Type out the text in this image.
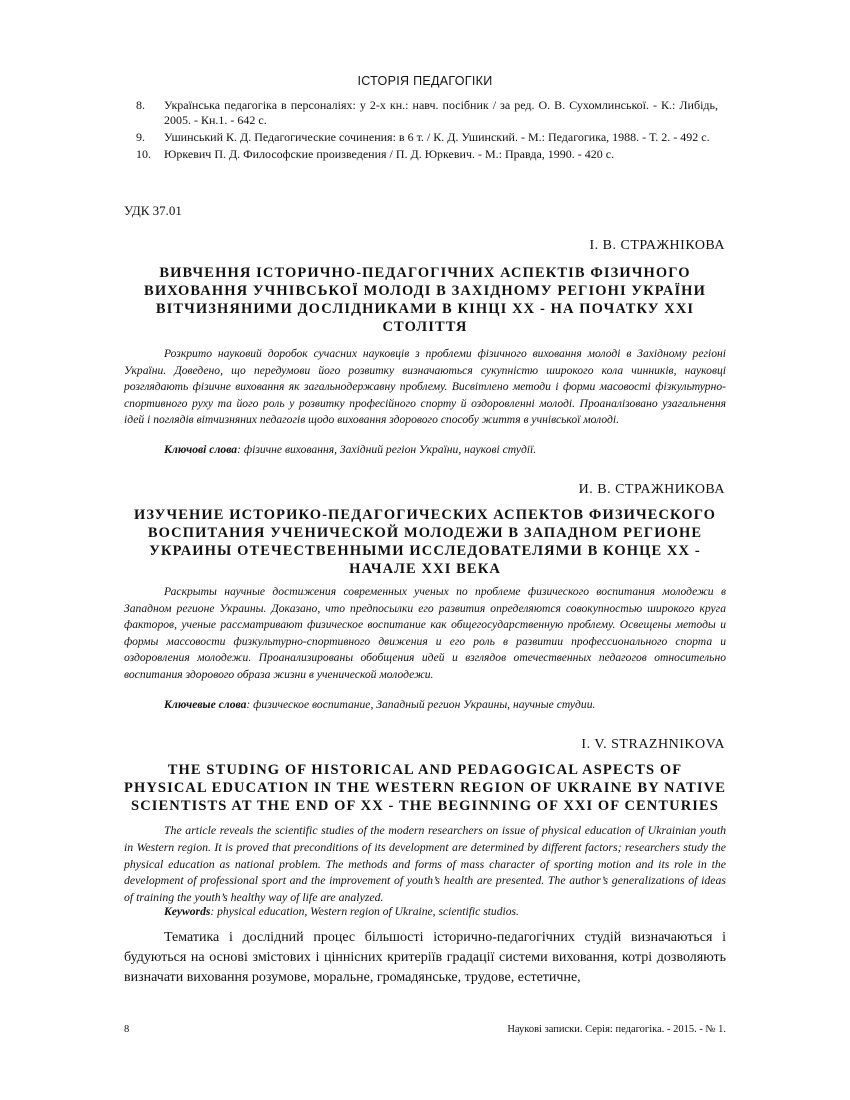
ІСТОРІЯ ПЕДАГОГІКИ
8.	Українська педагогіка в персоналіях: у 2-х кн.: навч. посібник / за ред. О. В. Сухомлинської. - К.: Либідь, 2005. - Кн.1. - 642 с.
9.	Ушинський К. Д. Педагогические сочинения: в 6 т. / К. Д. Ушинский. - М.: Педагогика, 1988. - Т. 2. - 492 с.
10.	Юркевич П. Д. Философские произведения / П. Д. Юркевич. - М.: Правда, 1990. - 420 с.
УДК 37.01
І. В. СТРАЖНІКОВА
ВИВЧЕННЯ ІСТОРИЧНО-ПЕДАГОГІЧНИХ АСПЕКТІВ ФІЗИЧНОГО ВИХОВАННЯ УЧНІВСЬКОЇ МОЛОДІ В ЗАХІДНОМУ РЕГІОНІ УКРАЇНИ ВІТЧИЗНЯНИМИ ДОСЛІДНИКАМИ В КІНЦІ ХХ - НА ПОЧАТКУ ХХІ СТОЛІТТЯ
Розкрито науковий доробок сучасних науковців з проблеми фізичного виховання молоді в Західному регіоні України. Доведено, що передумови його розвитку визначаються сукупністю широкого кола чинників, науковці розглядають фізичне виховання як загальнодержавну проблему. Висвітлено методи і форми масовості фізкультурно-спортивного руху та його роль у розвитку професійного спорту й оздоровленні молоді. Проаналізовано узагальнення ідей і поглядів вітчизняних педагогів щодо виховання здорового способу життя в учнівської молоді.
Ключові слова: фізичне виховання, Західний регіон України, наукові студії.
И. В. СТРАЖНИКОВА
ИЗУЧЕНИЕ ИСТОРИКО-ПЕДАГОГИЧЕСКИХ АСПЕКТОВ ФИЗИЧЕСКОГО ВОСПИТАНИЯ УЧЕНИЧЕСКОЙ МОЛОДЕЖИ В ЗАПАДНОМ РЕГИОНЕ УКРАИНЫ ОТЕЧЕСТВЕННЫМИ ИССЛЕДОВАТЕЛЯМИ В КОНЦЕ ХХ - НАЧАЛЕ ХХІ ВЕКА
Раскрыты научные достижения современных ученых по проблеме физического воспитания молодежи в Западном регионе Украины. Доказано, что предпосылки его развития определяются совокупностью широкого круга факторов, ученые рассматривают физическое воспитание как общегосударственную проблему. Освещены методы и формы массовости физкультурно-спортивного движения и его роль в развитии профессионального спорта и оздоровления молодежи. Проанализированы обобщения идей и взглядов отечественных педагогов относительно воспитания здорового образа жизни в ученической молодежи.
Ключевые слова: физическое воспитание, Западный регион Украины, научные студии.
I. V. STRAZHNIKOVA
THE STUDING OF HISTORICAL AND PEDAGOGICAL ASPECTS OF PHYSICAL EDUCATION IN THE WESTERN REGION OF UKRAINE BY NATIVE SCIENTISTS AT THE END OF XX - THE BEGINNING OF XXI OF CENTURIES
The article reveals the scientific studies of the modern researchers on issue of physical education of Ukrainian youth in Western region. It is proved that preconditions of its development are determined by different factors; researchers study the physical education as national problem. The methods and forms of mass character of sporting motion and its role in the development of professional sport and the improvement of youth’s health are presented. The author’s generalizations of ideas of training the youth’s healthy way of life are analyzed.
Keywords: physical education, Western region of Ukraine, scientific studios.
Тематика і дослідний процес більшості історично-педагогічних студій визначаються і будуються на основі змістових і ціннісних критеріїв градації системи виховання, котрі дозволяють визначати виховання розумове, моральне, громадянське, трудове, естетичне,
8	Наукові записки. Серія: педагогіка. - 2015. - № 1.
